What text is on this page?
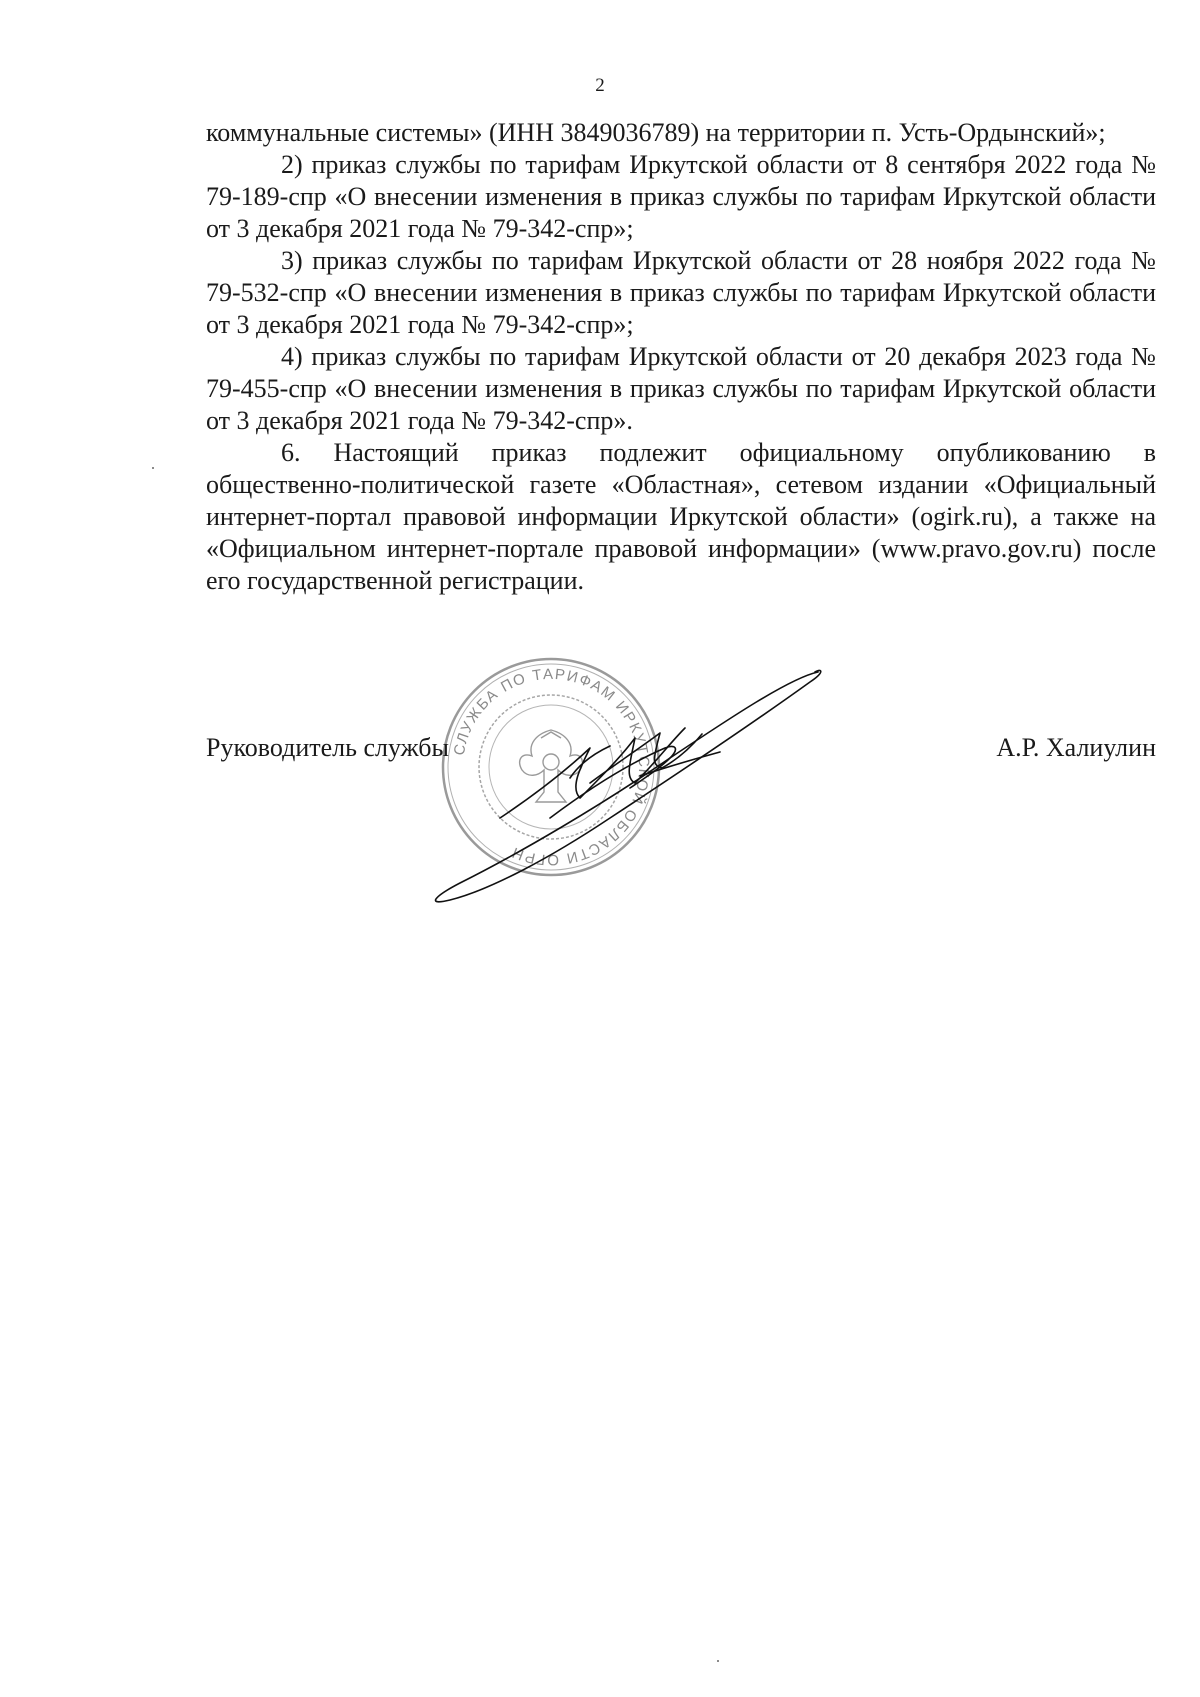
2

коммунальные системы» (ИНН 3849036789) на территории п. Усть-Ордынский»;

2) приказ службы по тарифам Иркутской области от 8 сентября 2022 года № 79-189-спр «О внесении изменения в приказ службы по тарифам Иркутской области от 3 декабря 2021 года № 79-342-спр»;

3) приказ службы по тарифам Иркутской области от 28 ноября 2022 года № 79-532-спр «О внесении изменения в приказ службы по тарифам Иркутской области от 3 декабря 2021 года № 79-342-спр»;

4) приказ службы по тарифам Иркутской области от 20 декабря 2023 года № 79-455-спр «О внесении изменения в приказ службы по тарифам Иркутской области от 3 декабря 2021 года № 79-342-спр».

6. Настоящий приказ подлежит официальному опубликованию в общественно-политической газете «Областная», сетевом издании «Официальный интернет-портал правовой информации Иркутской области» (ogirk.ru), а также на «Официальном интернет-портале правовой информации» (www.pravo.gov.ru) после его государственной регистрации.

СЛУЖБА ПО ТАРИФАМ ИРКУТСКОЙ ОБЛАСТИ ОГРН
Руководитель службы	А.Р. Халиулин
